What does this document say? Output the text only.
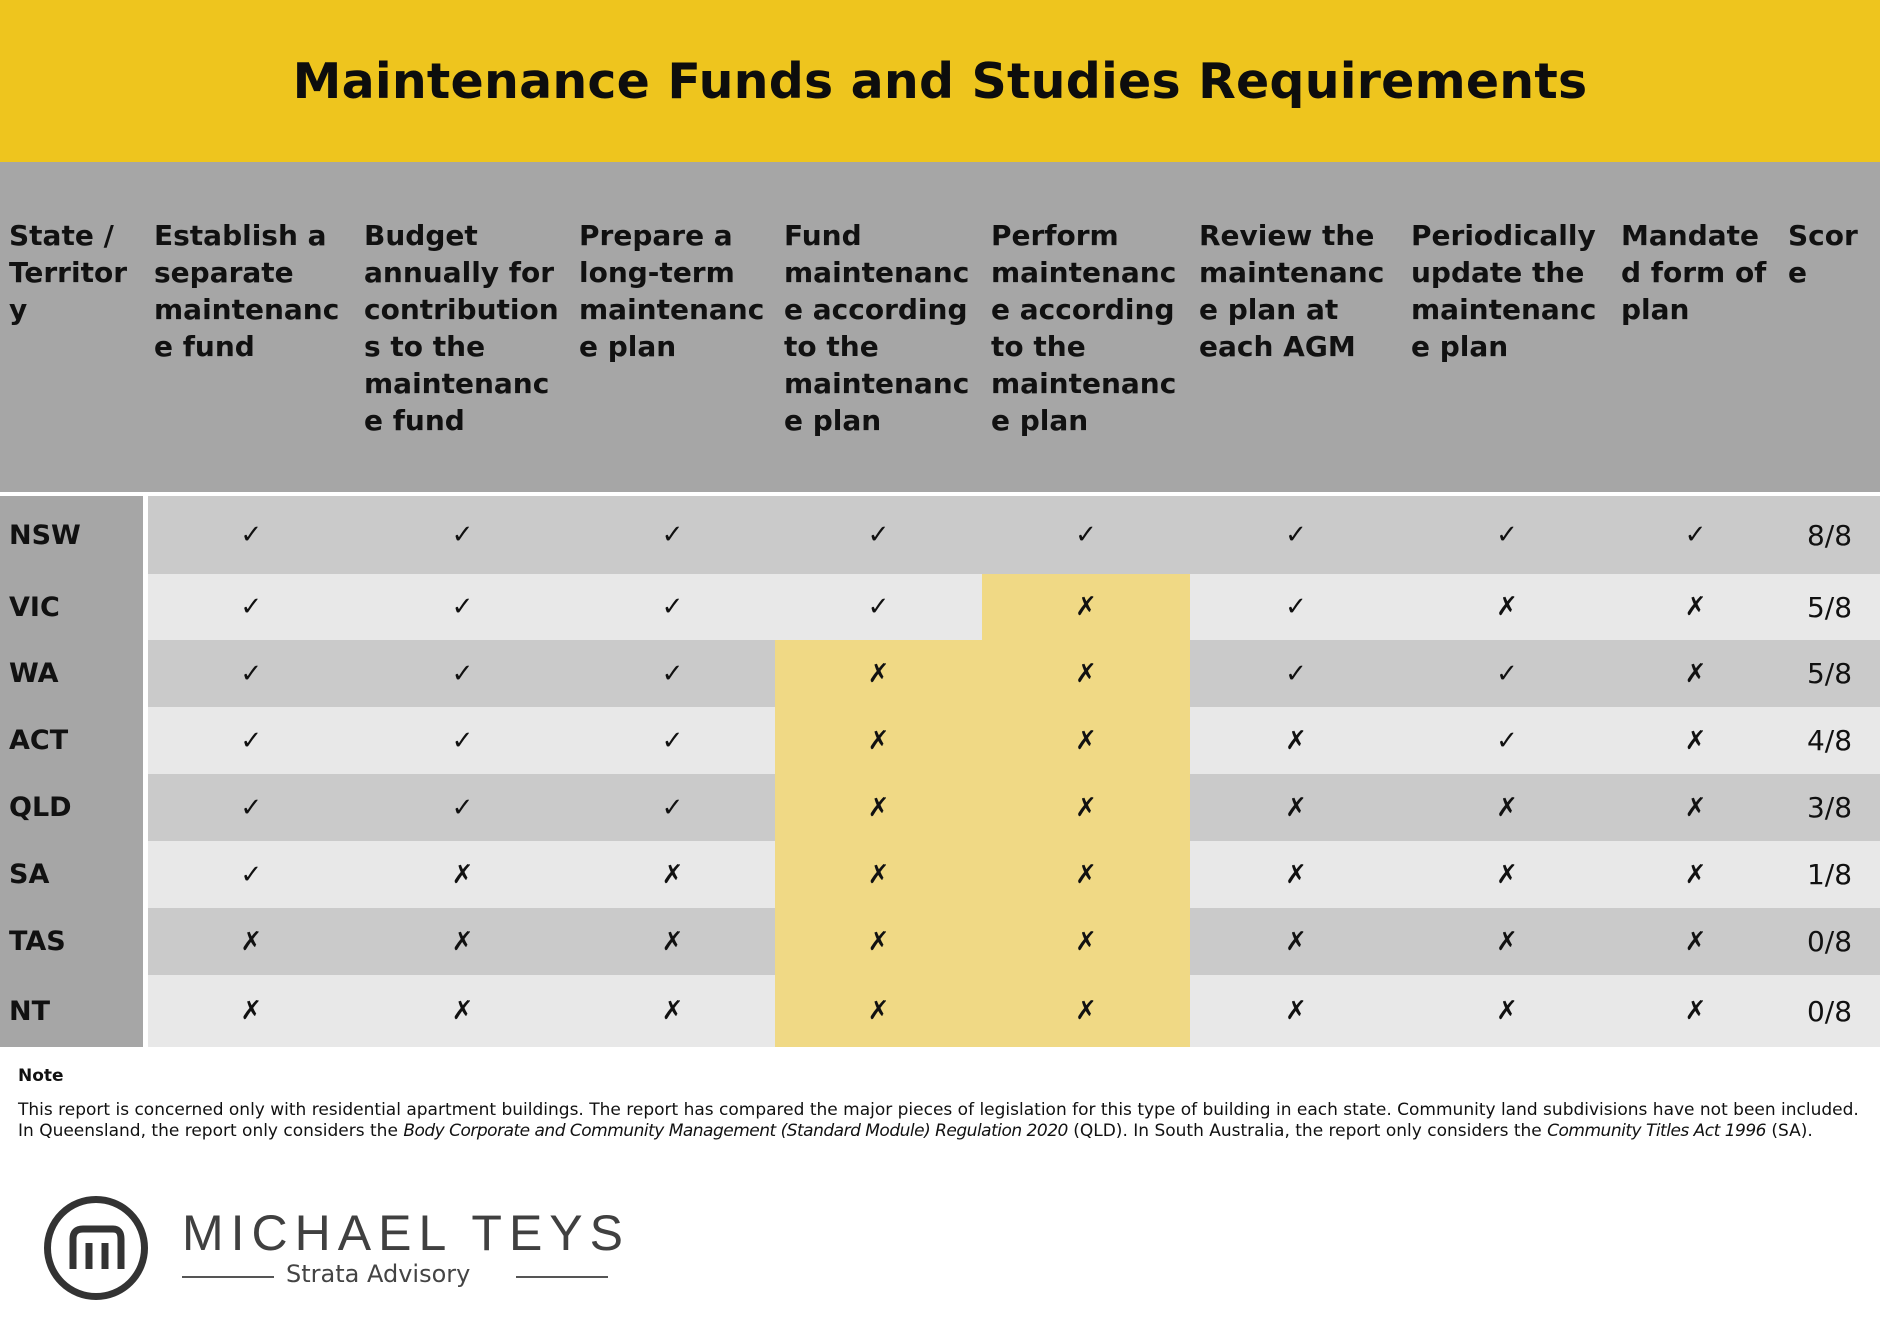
Maintenance Funds and Studies Requirements
State / Territory	Establish a separate maintenance fund	Budget annually for contributions to the maintenance fund	Prepare a long-term maintenance plan	Fund maintenance according to the maintenance plan	Perform maintenance according to the maintenance plan	Review the maintenance plan at each AGM	Periodically update the maintenance plan	Mandated form of plan	Score

NSW	✓	✓	✓	✓	✓	✓	✓	✓	8/8
VIC	✓	✓	✓	✓	✗	✓	✗	✗	5/8
WA	✓	✓	✓	✗	✗	✓	✓	✗	5/8
ACT	✓	✓	✓	✗	✗	✗	✓	✗	4/8
QLD	✓	✓	✓	✗	✗	✗	✗	✗	3/8
SA	✓	✗	✗	✗	✗	✗	✗	✗	1/8
TAS	✗	✗	✗	✗	✗	✗	✗	✗	0/8
NT	✗	✗	✗	✗	✗	✗	✗	✗	0/8

Note

This report is concerned only with residential apartment buildings. The report has compared the major pieces of legislation for this type of building in each state. Community land subdivisions have not been included. In Queensland, the report only considers the Body Corporate and Community Management (Standard Module) Regulation 2020 (QLD). In South Australia, the report only considers the Community Titles Act 1996 (SA).

MICHAEL TEYS
Strata Advisory
